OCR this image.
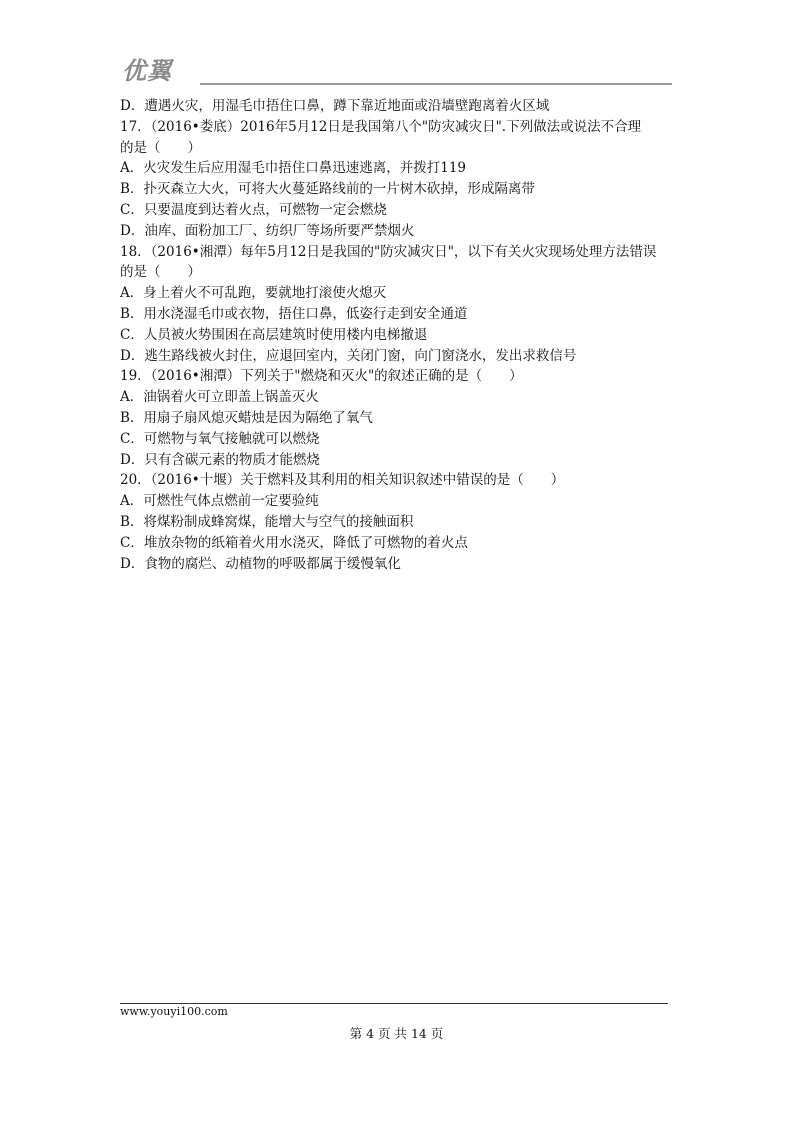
优翼
D．遭遇火灾，用湿毛巾捂住口鼻，蹲下靠近地面或沿墙壁跑离着火区域
17．（2016•娄底）2016年5月12日是我国第八个"防灾减灾日".下列做法或说法不合理
的是（　　）
A．火灾发生后应用湿毛巾捂住口鼻迅速逃离，并拨打119
B．扑灭森立大火，可将大火蔓延路线前的一片树木砍掉，形成隔离带
C．只要温度到达着火点，可燃物一定会燃烧
D．油库、面粉加工厂、纺织厂等场所要严禁烟火
18．（2016•湘潭）每年5月12日是我国的"防灾减灾日"，以下有关火灾现场处理方法错误
的是（　　）
A．身上着火不可乱跑，要就地打滚使火熄灭
B．用水浇湿毛巾或衣物，捂住口鼻，低姿行走到安全通道
C．人员被火势围困在高层建筑时使用楼内电梯撤退
D．逃生路线被火封住，应退回室内，关闭门窗，向门窗浇水，发出求救信号
19．（2016•湘潭）下列关于"燃烧和灭火"的叙述正确的是（　　）
A．油锅着火可立即盖上锅盖灭火
B．用扇子扇风熄灭蜡烛是因为隔绝了氧气
C．可燃物与氧气接触就可以燃烧
D．只有含碳元素的物质才能燃烧
20．（2016•十堰）关于燃料及其利用的相关知识叙述中错误的是（　　）
A．可燃性气体点燃前一定要验纯
B．将煤粉制成蜂窝煤，能增大与空气的接触面积
C．堆放杂物的纸箱着火用水浇灭，降低了可燃物的着火点
D．食物的腐烂、动植物的呼吸都属于缓慢氧化
www.youyi100.com
第 4 页 共 14 页
